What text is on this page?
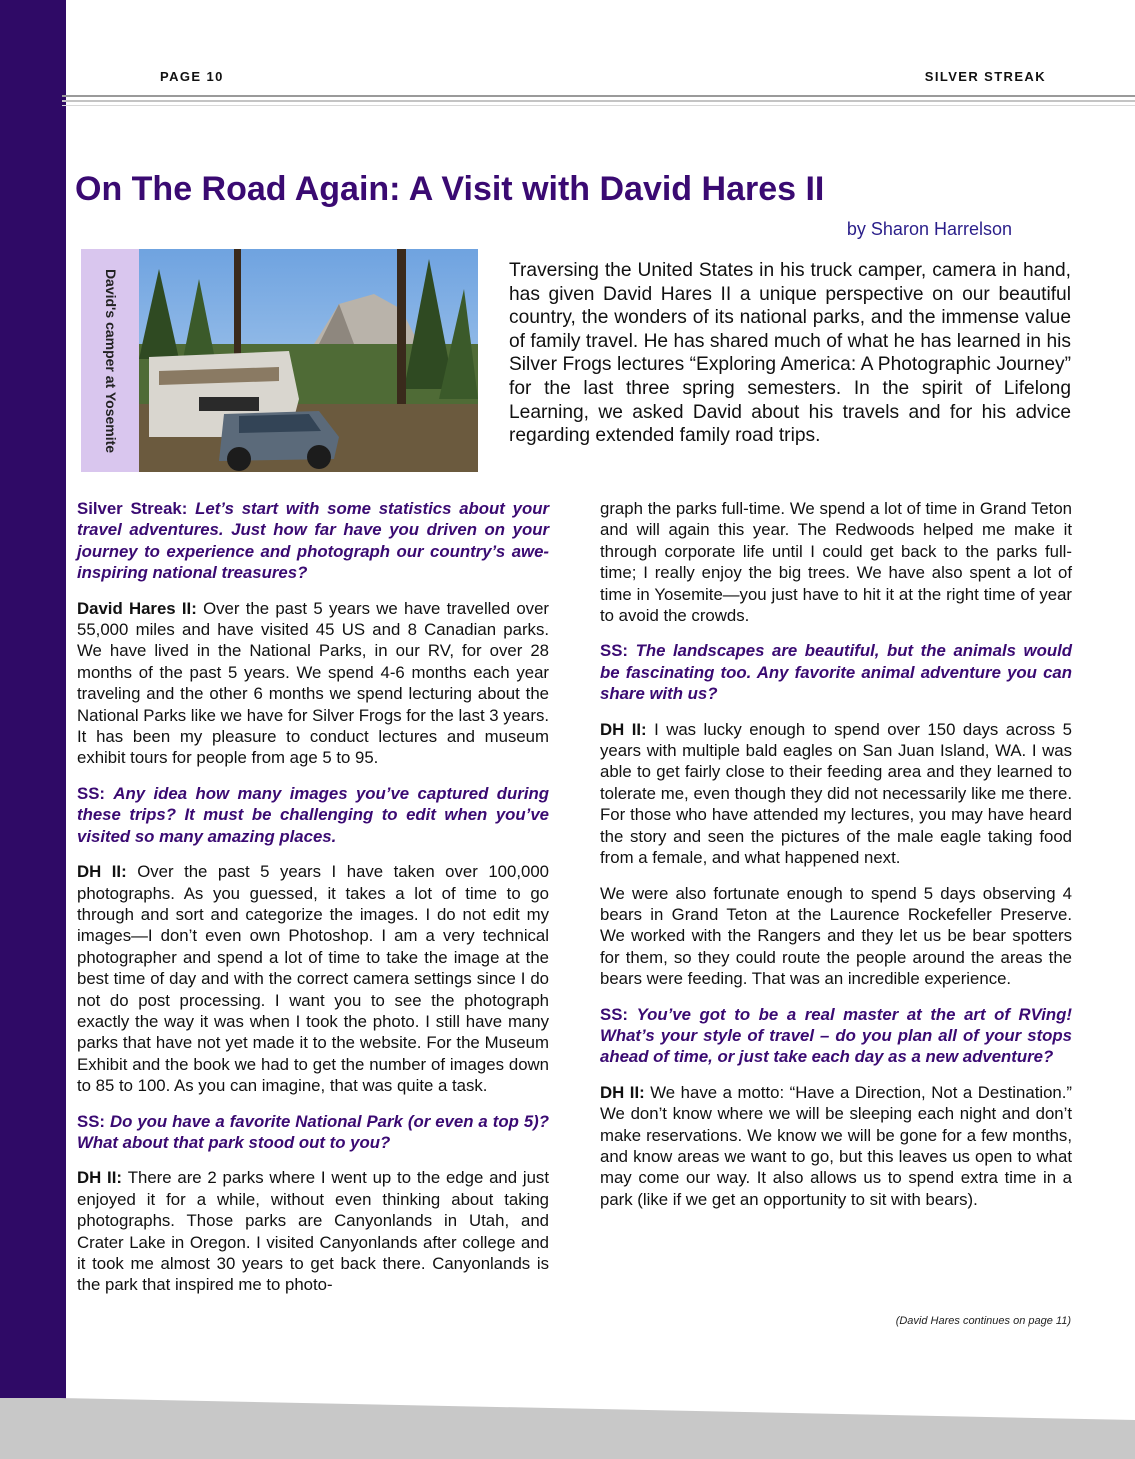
PAGE 10	SILVER STREAK
On The Road Again: A Visit with David Hares II
by Sharon Harrelson
David's camper at Yosemite	Traversing the United States in his truck camper, camera in hand, has given David Hares II a unique perspective on our beautiful country, the wonders of its national parks, and the immense value of family travel. He has shared much of what he has learned in his Silver Frogs lectures “Exploring America: A Photographic Journey” for the last three spring semesters. In the spirit of Lifelong Learning, we asked David about his travels and for his advice regarding extended family road trips.

Silver Streak: Let’s start with some statistics about your travel adventures. Just how far have you driven on your journey to experience and photograph our country’s awe-inspiring national treasures?

David Hares II: Over the past 5 years we have travelled over 55,000 miles and have visited 45 US and 8 Canadian parks. We have lived in the National Parks, in our RV, for over 28 months of the past 5 years. We spend 4-6 months each year traveling and the other 6 months we spend lecturing about the National Parks like we have for Silver Frogs for the last 3 years. It has been my pleasure to conduct lectures and museum exhibit tours for people from age 5 to 95.

SS: Any idea how many images you’ve captured during these trips? It must be challenging to edit when you’ve visited so many amazing places.

DH II: Over the past 5 years I have taken over 100,000 photographs. As you guessed, it takes a lot of time to go through and sort and categorize the images. I do not edit my images—I don’t even own Photoshop. I am a very technical photographer and spend a lot of time to take the image at the best time of day and with the correct camera settings since I do not do post processing. I want you to see the photograph exactly the way it was when I took the photo. I still have many parks that have not yet made it to the website. For the Museum Exhibit and the book we had to get the number of images down to 85 to 100. As you can imagine, that was quite a task.

SS: Do you have a favorite National Park (or even a top 5)? What about that park stood out to you?

DH II: There are 2 parks where I went up to the edge and just enjoyed it for a while, without even thinking about taking photographs. Those parks are Canyonlands in Utah, and Crater Lake in Oregon. I visited Canyonlands after college and it took me almost 30 years to get back there. Canyonlands is the park that inspired me to photo-

graph the parks full-time. We spend a lot of time in Grand Teton and will again this year. The Redwoods helped me make it through corporate life until I could get back to the parks full-time; I really enjoy the big trees. We have also spent a lot of time in Yosemite—you just have to hit it at the right time of year to avoid the crowds.

SS: The landscapes are beautiful, but the animals would be fascinating too. Any favorite animal adventure you can share with us?

DH II: I was lucky enough to spend over 150 days across 5 years with multiple bald eagles on San Juan Island, WA. I was able to get fairly close to their feeding area and they learned to tolerate me, even though they did not necessarily like me there. For those who have attended my lectures, you may have heard the story and seen the pictures of the male eagle taking food from a female, and what happened next.

We were also fortunate enough to spend 5 days observing 4 bears in Grand Teton at the Laurence Rockefeller Preserve. We worked with the Rangers and they let us be bear spotters for them, so they could route the people around the areas the bears were feeding. That was an incredible experience.

SS: You’ve got to be a real master at the art of RVing! What’s your style of travel – do you plan all of your stops ahead of time, or just take each day as a new adventure?

DH II: We have a motto: “Have a Direction, Not a Destination.” We don’t know where we will be sleeping each night and don’t make reservations. We know we will be gone for a few months, and know areas we want to go, but this leaves us open to what may come our way. It also allows us to spend extra time in a park (like if we get an opportunity to sit with bears).

(David Hares continues on page 11)
